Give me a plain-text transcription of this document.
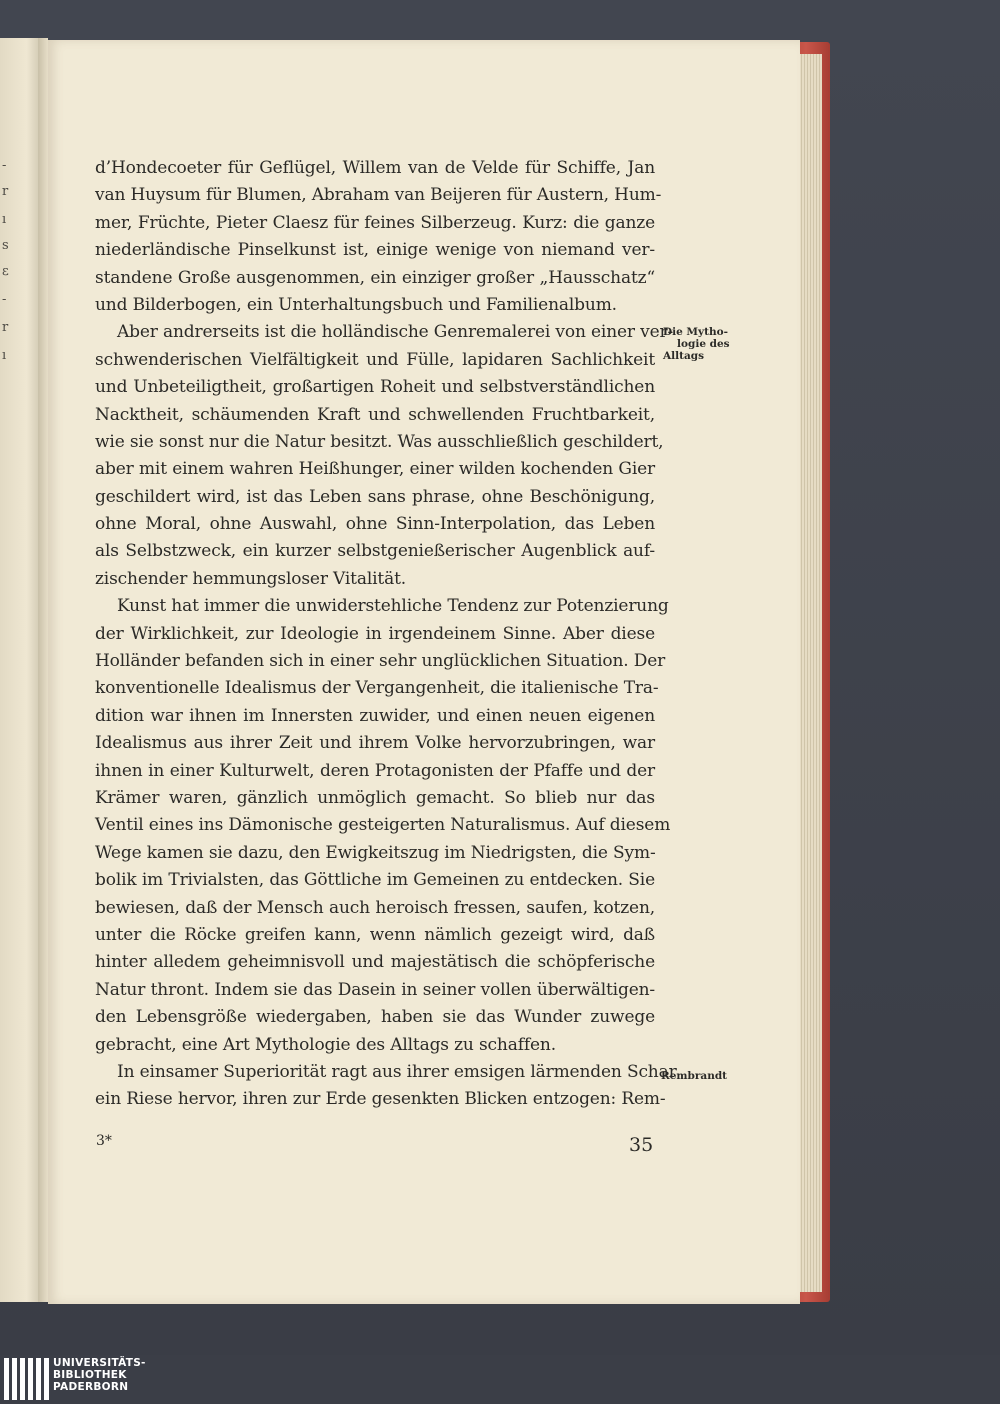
-
r
ı
s
ε
-
r
ı
d’Hondecoeter für Geflügel, Willem van de Velde für Schiffe, Jan
van Huysum für Blumen, Abraham van Beijeren für Austern, Hum-
mer, Früchte, Pieter Claesz für feines Silberzeug. Kurz: die ganze
niederländische Pinselkunst ist, einige wenige von niemand ver-
standene Große ausgenommen, ein einziger großer „Hausschatz“
und Bilderbogen, ein Unterhaltungsbuch und Familienalbum.
Aber andrerseits ist die holländische Genremalerei von einer ver-
schwenderischen Vielfältigkeit und Fülle, lapidaren Sachlichkeit
und Unbeteiligtheit, großartigen Roheit und selbstverständlichen
Nacktheit, schäumenden Kraft und schwellenden Fruchtbarkeit,
wie sie sonst nur die Natur besitzt. Was ausschließlich geschildert,
aber mit einem wahren Heißhunger, einer wilden kochenden Gier
geschildert wird, ist das Leben sans phrase, ohne Beschönigung,
ohne Moral, ohne Auswahl, ohne Sinn-Interpolation, das Leben
als Selbstzweck, ein kurzer selbstgenießerischer Augenblick auf-
zischender hemmungsloser Vitalität.
Kunst hat immer die unwiderstehliche Tendenz zur Potenzierung
der Wirklichkeit, zur Ideologie in irgendeinem Sinne. Aber diese
Holländer befanden sich in einer sehr unglücklichen Situation. Der
konventionelle Idealismus der Vergangenheit, die italienische Tra-
dition war ihnen im Innersten zuwider, und einen neuen eigenen
Idealismus aus ihrer Zeit und ihrem Volke hervorzubringen, war
ihnen in einer Kulturwelt, deren Protagonisten der Pfaffe und der
Krämer waren, gänzlich unmöglich gemacht. So blieb nur das
Ventil eines ins Dämonische gesteigerten Naturalismus. Auf diesem
Wege kamen sie dazu, den Ewigkeitszug im Niedrigsten, die Sym-
bolik im Trivialsten, das Göttliche im Gemeinen zu entdecken. Sie
bewiesen, daß der Mensch auch heroisch fressen, saufen, kotzen,
unter die Röcke greifen kann, wenn nämlich gezeigt wird, daß
hinter alledem geheimnisvoll und majestätisch die schöpferische
Natur thront. Indem sie das Dasein in seiner vollen überwältigen-
den Lebensgröße wiedergaben, haben sie das Wunder zuwege
gebracht, eine Art Mythologie des Alltags zu schaffen.
In einsamer Superiorität ragt aus ihrer emsigen lärmenden Schar
ein Riese hervor, ihren zur Erde gesenkten Blicken entzogen: Rem-
Die Mytho-
logie des
Alltags
Rembrandt
3*	35
UNIVERSITÄTS-
BIBLIOTHEK
PADERBORN
